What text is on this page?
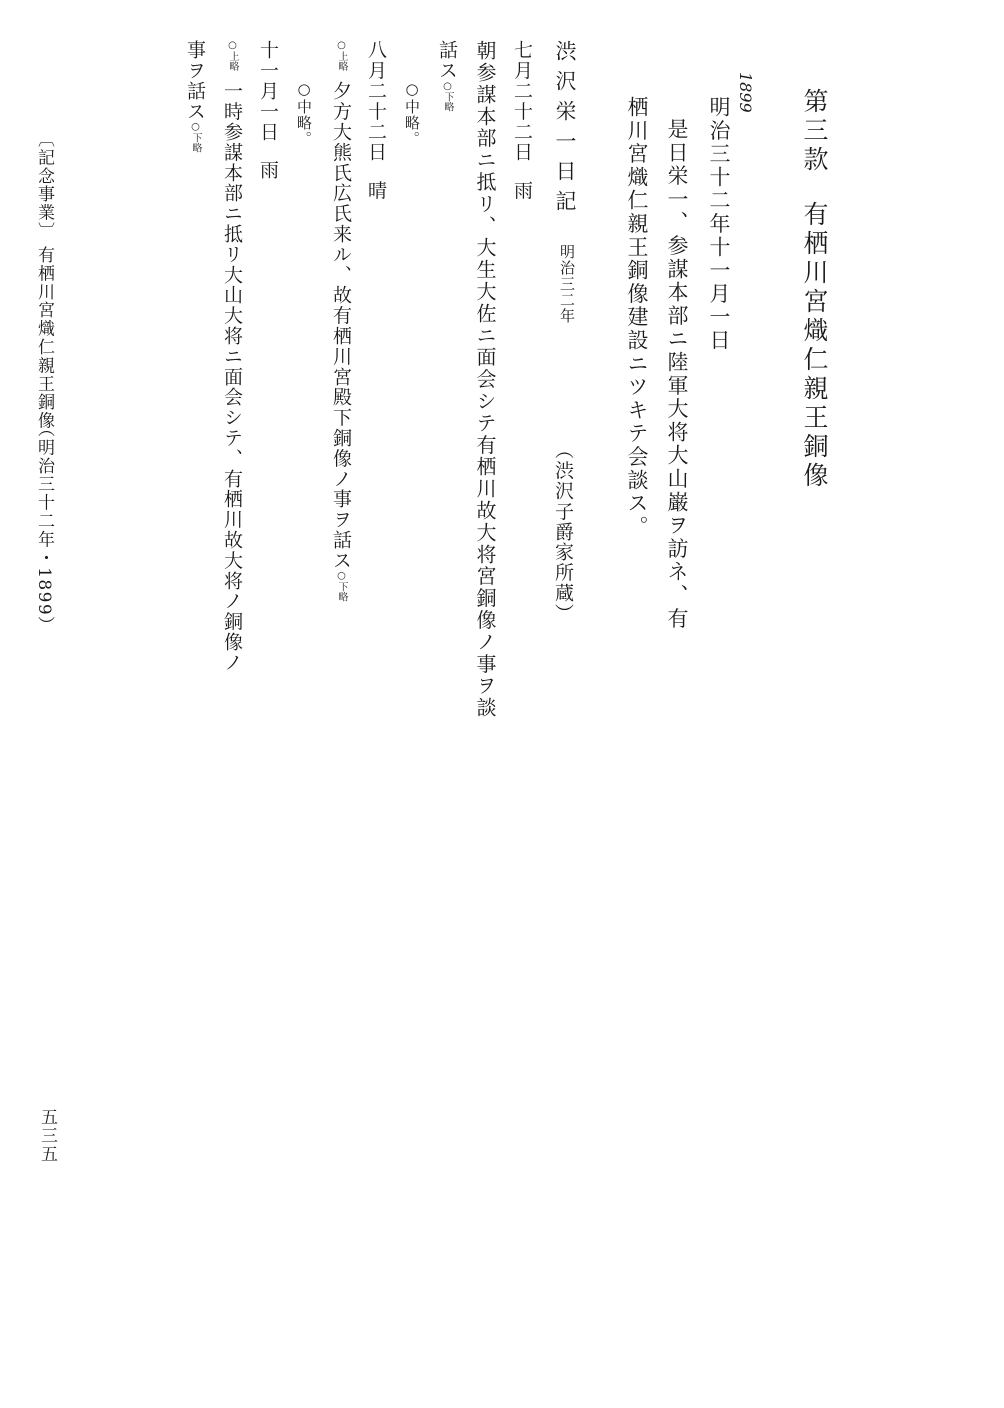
第三款有栖川宮熾仁親王銅像
1899
明治三十二年十一月一日
是日栄一、参謀本部ニ陸軍大将大山巌ヲ訪ネ、有
栖川宮熾仁親王銅像建設ニツキテ会談ス。
渋沢栄一日記
明治三二年
（渋沢子爵家所蔵）
七月二十二日雨
朝参謀本部ニ抵リ、大生大佐ニ面会シテ有栖川故大将宮銅像ノ事ヲ談
話ス○下略
○中略。
八月二十二日晴
○上略夕方大熊氏広氏来ル、故有栖川宮殿下銅像ノ事ヲ話ス○下略
○中略。
十一月一日雨
○上略一時参謀本部ニ抵リ大山大将ニ面会シテ、有栖川故大将ノ銅像ノ
事ヲ話ス○下略
〔記念事業〕
有栖川宮熾仁親王銅像
（明治三十二年・1899）
五三五
